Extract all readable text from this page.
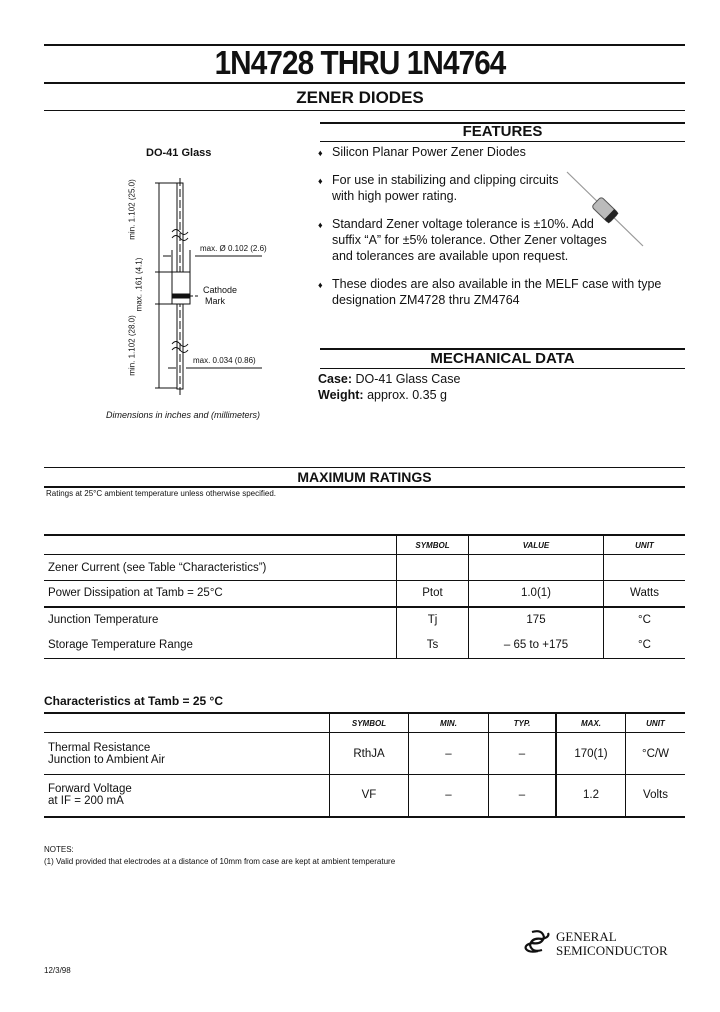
1N4728 THRU 1N4764
ZENER DIODES
DO-41 Glass
max. Ø 0.102 (2.6)
max. 0.034 (0.86)
Cathode
Mark
min. 1.102 (25.0)
max. .161 (4.1)
min. 1.102 (28.0)
Dimensions in inches and (millimeters)
FEATURES
♦ Silicon Planar Power Zener Diodes
♦ For use in stabilizing and clipping circuits with high power rating.
♦ Standard Zener voltage tolerance is ±10%. Add suffix “A” for ±5% tolerance. Other Zener voltages and tolerances are available upon request.
♦ These diodes are also available in the MELF case with type designation ZM4728 thru ZM4764
MECHANICAL DATA
Case: DO-41 Glass Case
Weight: approx. 0.35 g
MAXIMUM RATINGS
Ratings at 25°C ambient temperature unless otherwise specified.
	SYMBOL	VALUE	UNIT
Zener Current (see Table “Characteristics”)			
Power Dissipation at Tamb = 25°C	Ptot	1.0(1)	Watts
Junction Temperature	Tj	175	°C
Storage Temperature Range	Ts	– 65 to +175	°C
Characteristics at Tamb = 25 °C
	SYMBOL	MIN.	TYP.	MAX.	UNIT

Thermal Resistance
Junction to Ambient Air	RthJA	–	–	170(1)	°C/W

Forward Voltage
at IF = 200 mA	VF	–	–	1.2	Volts
NOTES:
(1) Valid provided that electrodes at a distance of 10mm from case are kept at ambient temperature
GENERAL
SEMICONDUCTOR
12/3/98
